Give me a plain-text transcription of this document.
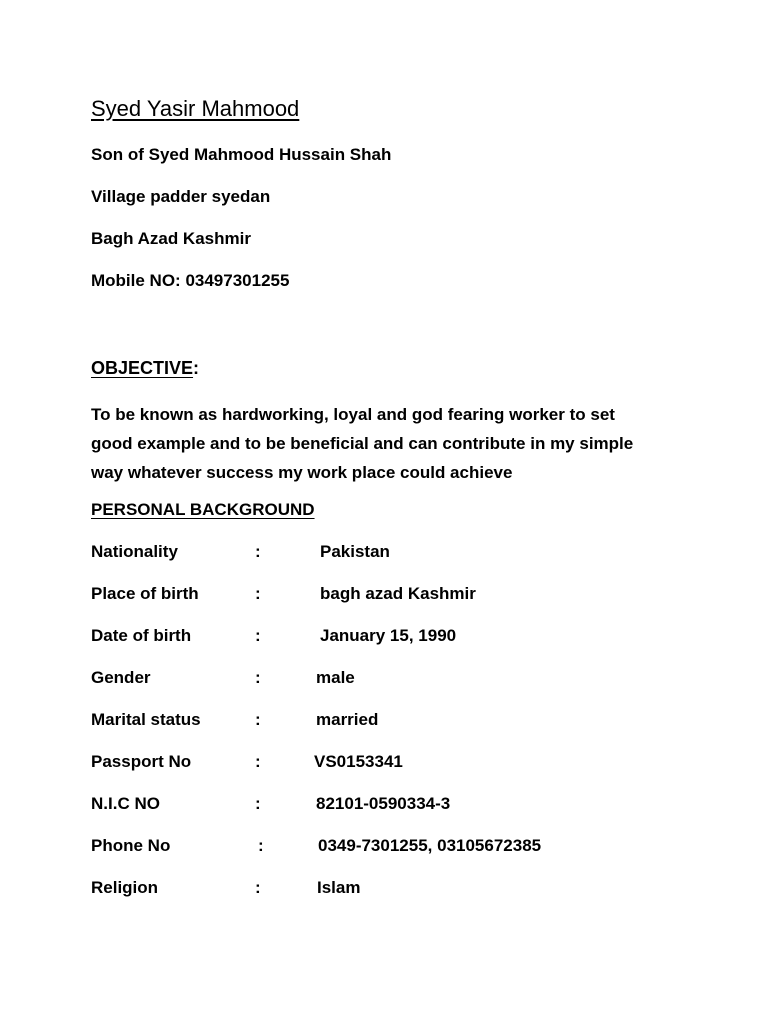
Syed Yasir Mahmood
Son of Syed Mahmood Hussain Shah
Village padder syedan
Bagh Azad Kashmir
Mobile NO: 03497301255
OBJECTIVE:
To be known as hardworking, loyal and god fearing worker to set
good example and to be beneficial and can contribute in my simple
way whatever success my work place could achieve
PERSONAL BACKGROUND
Nationality	:	Pakistan
Place of birth	:	bagh azad Kashmir
Date of birth	:	January 15, 1990
Gender	:	male
Marital status	:	married
Passport No	:	VS0153341
N.I.C NO	:	82101-0590334-3
Phone No	:	0349-7301255, 03105672385
Religion	:	Islam
